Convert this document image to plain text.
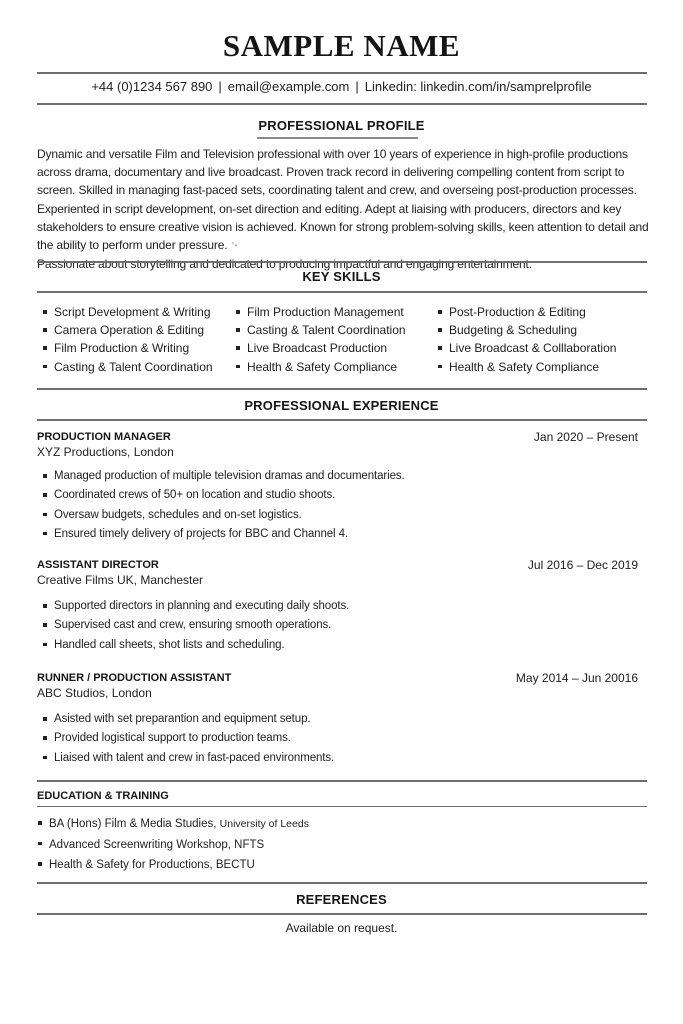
SAMPLE NAME
+44 (0)1234 567 890 | email@example.com | Linkedin: linkedin.com/in/samprelprofile
PROFESSIONAL PROFILE
Dynamic and versatile Film and Television professional with over 10 years of experience in high-profile productions across drama, documentary and live broadcast. Proven track record in delivering compelling content from script to screen. Skilled in managing fast-paced sets, coordinating talent and crew, and overseing post-production processes. Experiented in script development, on-set direction and editing. Adept at liaising with producers, directors and key stakeholders to ensure creative vision is achieved. Known for strong problem-solving skills, keen attention to detail and the ability to perform under pressure. °•
Passionate about storytelling and dedicated to producing impactful and engaging entertainment.
KEY SKILLS
Script Development & Writing
Camera Operation & Editing
Film Production & Writing
Casting & Talent Coordination
Film Production Management
Casting & Talent Coordination
Live Broadcast Production
Health & Safety Compliance
Post-Production & Editing
Budgeting & Scheduling
Live Broadcast & Colllaboration
Health & Safety Compliance
PROFESSIONAL EXPERIENCE
PRODUCTION MANAGER	Jan 2020 – Present
XYZ Productions, London
Managed production of multiple television dramas and documentaries.
Coordinated crews of 50+ on location and studio shoots.
Oversaw budgets, schedules and on-set logistics.
Ensured timely delivery of projects for BBC and Channel 4.
ASSISTANT DIRECTOR	Jul 2016 – Dec 2019
Creative Films UK, Manchester
Supported directors in planning and executing daily shoots.
Supervised cast and crew, ensuring smooth operations.
Handled call sheets, shot lists and scheduling.
RUNNER / PRODUCTION ASSISTANT	May 2014 – Jun 20016
ABC Studios, London
Asisted with set preparantion and equipment setup.
Provided logistical support to production teams.
Liaised with talent and crew in fast-paced environments.
EDUCATION & TRAINING
BA (Hons) Film & Media Studies, University of Leeds
Advanced Screenwriting Workshop, NFTS
Health & Safety for Productions, BECTU
REFERENCES
Available on request.
